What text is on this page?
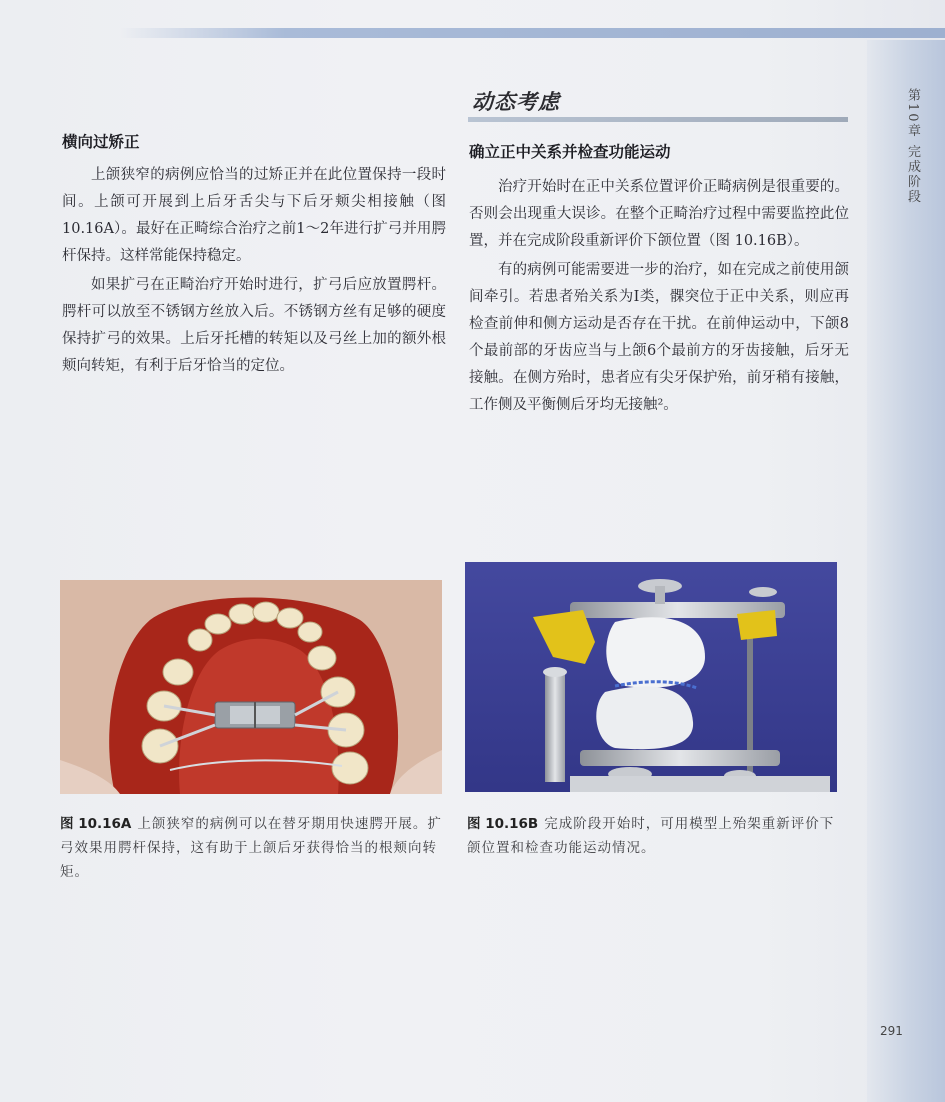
第10章 完成阶段
横向过矫正

上颌狭窄的病例应恰当的过矫正并在此位置保持一段时间。上颌可开展到上后牙舌尖与下后牙颊尖相接触（图 10.16A）。最好在正畸综合治疗之前1～2年进行扩弓并用腭杆保持。这样常能保持稳定。

如果扩弓在正畸治疗开始时进行，扩弓后应放置腭杆。腭杆可以放至不锈钢方丝放入后。不锈钢方丝有足够的硬度保持扩弓的效果。上后牙托槽的转矩以及弓丝上加的额外根颊向转矩，有利于后牙恰当的定位。

动态考虑
确立正中关系并检查功能运动

治疗开始时在正中关系位置评价正畸病例是很重要的。否则会出现重大误诊。在整个正畸治疗过程中需要监控此位置，并在完成阶段重新评价下颌位置（图 10.16B）。

有的病例可能需要进一步的治疗，如在完成之前使用颌间牵引。若患者殆关系为Ⅰ类，髁突位于正中关系，则应再检查前伸和侧方运动是否存在干扰。在前伸运动中，下颌8个最前部的牙齿应当与上颌6个最前方的牙齿接触，后牙无接触。在侧方殆时，患者应有尖牙保护殆，前牙稍有接触，工作侧及平衡侧后牙均无接触²。

图 10.16A 上颌狭窄的病例可以在替牙期用快速腭开展。扩弓效果用腭杆保持，这有助于上颌后牙获得恰当的根颊向转矩。
图 10.16B 完成阶段开始时，可用模型上殆架重新评价下颌位置和检查功能运动情况。
291
